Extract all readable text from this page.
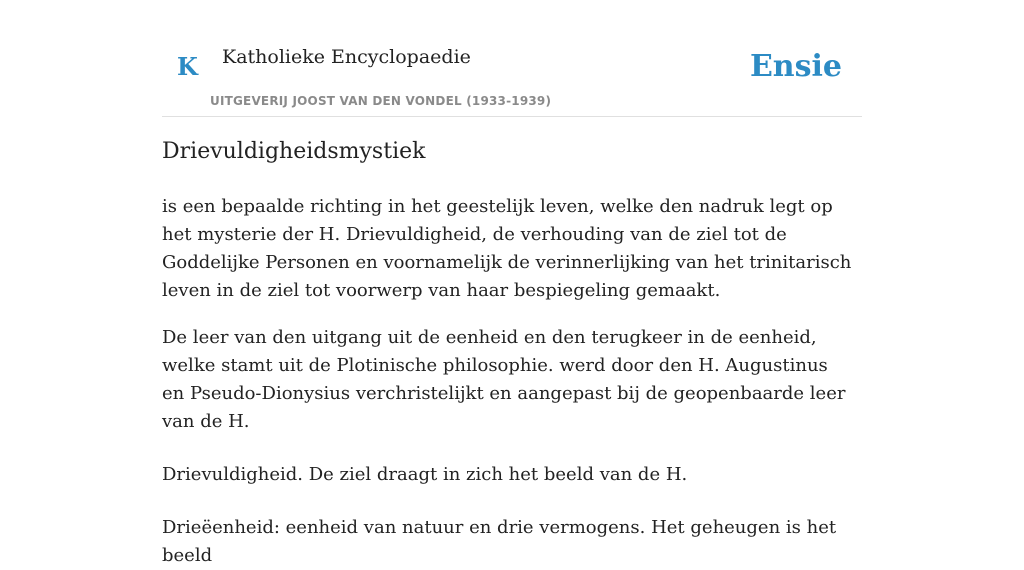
K Katholieke Encyclopaedie
UITGEVERIJ JOOST VAN DEN VONDEL (1933-1939)
Ensie
Drievuldigheidsmystiek

is een bepaalde richting in het geestelijk leven, welke den nadruk legt op het mysterie der H. Drievuldigheid, de verhouding van de ziel tot de Goddelijke Personen en voornamelijk de verinnerlijking van het trinitarisch leven in de ziel tot voorwerp van haar bespiegeling gemaakt.

De leer van den uitgang uit de eenheid en den terugkeer in de eenheid, welke stamt uit de Plotinische philosophie. werd door den H. Augustinus en Pseudo-Dionysius verchristelijkt en aangepast bij de geopenbaarde leer van de H.

Drievuldigheid. De ziel draagt in zich het beeld van de H.

Drieëenheid: eenheid van natuur en drie vermogens. Het geheugen is het beeld
